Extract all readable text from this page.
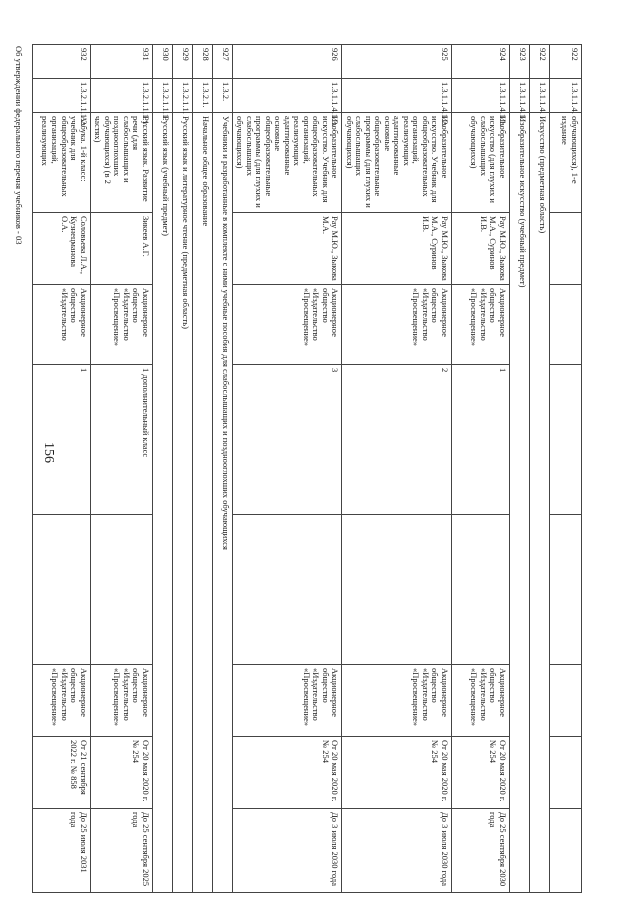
922	1.3.1.1.4.	обучающихся), 1-е издание							
922	1.3.1.1.4.	Искусство (предметная область)							
923	1.3.1.1.4.1.	Изобразительное искусство (учебный предмет)							
924	1.3.1.1.4.1.1.	Изобразительное искусство (для глухих и слабослышащих обучающихся)	Рау М.Ю., Зыкова М.А., Суринов И.В.	Акционерное общество «Издательство «Просвещение»	1		Акционерное общество «Издательство «Просвещение»	От 20 мая 2020 г. № 254	До 25 сентября 2030 года
925	1.3.1.1.4.1.2.	Изобразительное искусство. Учебник для общеобразовательных организаций, реализующих адаптированные основные общеобразовательные программы (для глухих и слабослышащих обучающихся)	Рау М.Ю., Зыкова М.А., Суринов И.В.	Акционерное общество «Издательство «Просвещение»	2		Акционерное общество «Издательство «Просвещение»	От 20 мая 2020 г. № 254	До 3 июля 2030 года
926	1.3.1.1.4.1.3.	Изобразительное искусство. Учебник для общеобразовательных организаций, реализующих адаптированные основные общеобразовательные программы (для глухих и слабослышащих обучающихся)	Рау М.Ю., Зыкова М.А.	Акционерное общество «Издательство «Просвещение»	3		Акционерное общество «Издательство «Просвещение»	От 20 мая 2020 г. № 254	До 3 июля 2030 года
927	1.3.2.	Учебники и разработанные в комплекте с ними учебные пособия для слабослышащих и позднооглохших обучающихся							
928	1.3.2.1.	Начальное общее образование							
929	1.3.2.1.1.	Русский язык и литературное чтение (предметная область)							
930	1.3.2.1.1.1.	Русский язык (учебный предмет)							
931	1.3.2.1.1.1.1.	Русский язык. Развитие речи (для слабослышащих и позднооглохших обучающихся) (в 2 частях)	Зикеев А.Г.	Акционерное общество «Издательство «Просвещение»	1 дополнительный класс		Акционерное общество «Издательство «Просвещение»	От 20 мая 2020 г. № 254	До 25 сентября 2025 года
932	1.3.2.1.1.1.2.	Азбука. 1-й класс: учебник для общеобразовательных организаций, реализующих	Соловьева Л.А., Кузнецманова О.А.	Акционерное общество «Издательство	1		Акционерное общество «Издательство «Просвещение»	От 21 сентября 2022 г. № 858	До 25 июля 2031 года
156
Об утверждении федерального перечня учебников - 03
